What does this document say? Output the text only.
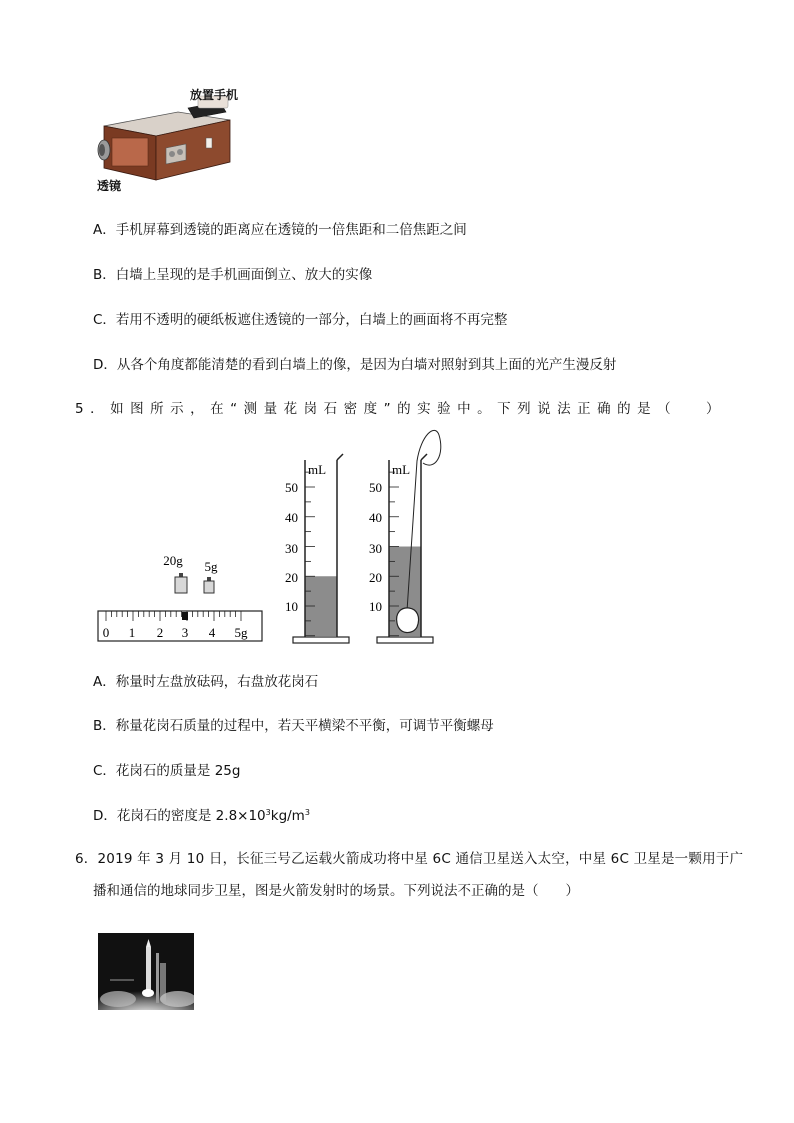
放置手机
透镜
A．手机屏幕到透镜的距离应在透镜的一倍焦距和二倍焦距之间
B．白墙上呈现的是手机画面倒立、放大的实像
C．若用不透明的硬纸板遮住透镜的一部分，白墙上的画面将不再完整
D．从各个角度都能清楚的看到白墙上的像，是因为白墙对照射到其上面的光产生漫反射
5．如图所示，在“测量花岗石密度”的实验中。下列说法正确的是（ ）
20g 5g
0 1 2 3 4 5g
mL
50
40
30
20
10
mL
50
40
30
20
10
A．称量时左盘放砝码，右盘放花岗石
B．称量花岗石质量的过程中，若天平横梁不平衡，可调节平衡螺母
C．花岗石的质量是 25g
D．花岗石的密度是 $2.8\times 10^3kg/m^3$
6．2019 年 3 月 10 日，长征三号乙运载火箭成功将中星 6C 通信卫星送入太空，中星 6C 卫星是一颗用于广
播和通信的地球同步卫星，图是火箭发射时的场景。下列说法不正确的是（　　）
